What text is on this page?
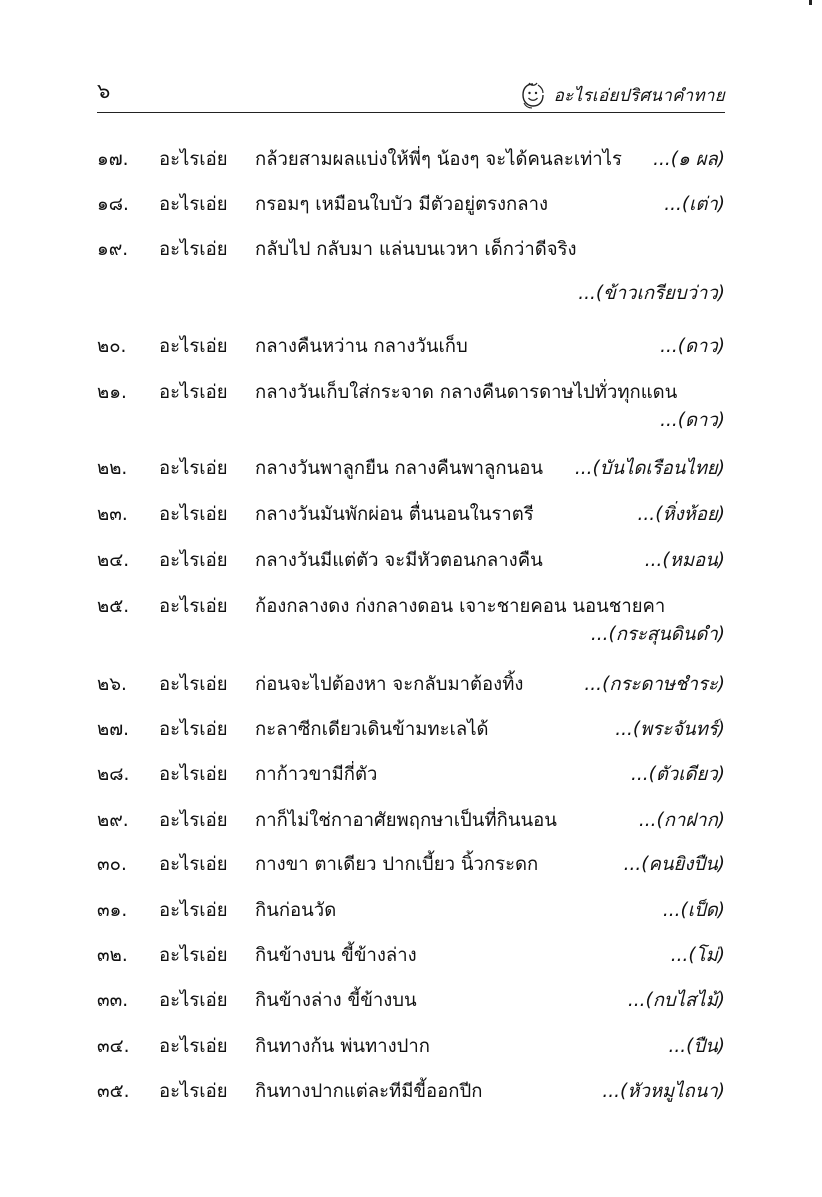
๖	อะไรเอ่ยปริศนาคำทาย
๑๗. อะไรเอ่ย กล้วยสามผลแบ่งให้พี่ๆ น้องๆ จะได้คนละเท่าไร ...(๑ ผล)
๑๘. อะไรเอ่ย กรอมๆ เหมือนใบบัว มีตัวอยู่ตรงกลาง	...(เต่า)
๑๙. อะไรเอ่ย กลับไป กลับมา แล่นบนเวหา เด็กว่าดีจริง
...(ข้าวเกรียบว่าว)
๒๐. อะไรเอ่ย กลางคืนหว่าน กลางวันเก็บ	...(ดาว)
๒๑. อะไรเอ่ย กลางวันเก็บใส่กระจาด กลางคืนดารดาษไปทั่วทุกแดน
...(ดาว)
๒๒. อะไรเอ่ย กลางวันพาลูกยืน กลางคืนพาลูกนอน ...(บันไดเรือนไทย)
๒๓. อะไรเอ่ย กลางวันมันพักผ่อน ตื่นนอนในราตรี	...(หิ่งห้อย)
๒๔. อะไรเอ่ย กลางวันมีแต่ตัว จะมีหัวตอนกลางคืน	...(หมอน)
๒๕. อะไรเอ่ย ก้องกลางดง ก่งกลางดอน เจาะชายคอน นอนชายคา
...(กระสุนดินดำ)
๒๖. อะไรเอ่ย ก่อนจะไปต้องหา จะกลับมาต้องทิ้ง	...(กระดาษชำระ)
๒๗. อะไรเอ่ย กะลาซีกเดียวเดินข้ามทะเลได้	...(พระจันทร์)
๒๘. อะไรเอ่ย กาก้าวขามีกี่ตัว	...(ตัวเดียว)
๒๙. อะไรเอ่ย กาก็ไม่ใช่กาอาศัยพฤกษาเป็นที่กินนอน	...(กาฝาก)
๓๐. อะไรเอ่ย กางขา ตาเดียว ปากเบี้ยว นิ้วกระดก	...(คนยิงปืน)
๓๑. อะไรเอ่ย กินก่อนวัด	...(เป็ด)
๓๒. อะไรเอ่ย กินข้างบน ขี้ข้างล่าง	...(โม่)
๓๓. อะไรเอ่ย กินข้างล่าง ขี้ข้างบน	...(กบไสไม้)
๓๔. อะไรเอ่ย กินทางก้น พ่นทางปาก	...(ปืน)
๓๕. อะไรเอ่ย กินทางปากแต่ละทีมีขี้ออกปีก	...(หัวหมูไถนา)
